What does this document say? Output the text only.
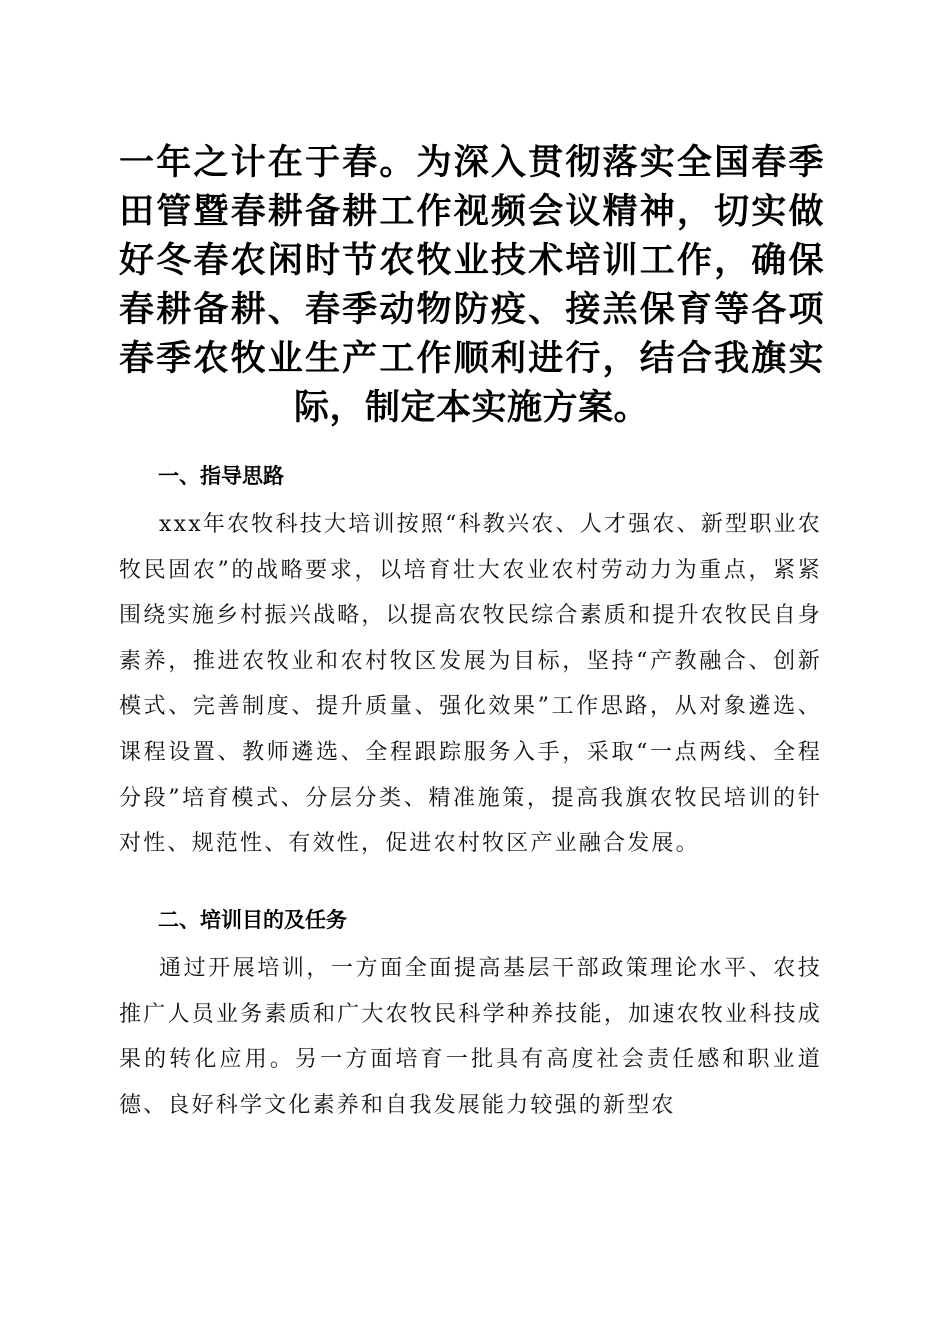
一年之计在于春。为深入贯彻落实全国春季田管暨春耕备耕工作视频会议精神，切实做好冬春农闲时节农牧业技术培训工作，确保春耕备耕、春季动物防疫、接羔保育等各项春季农牧业生产工作顺利进行，结合我旗实际，制定本实施方案。

一、指导思路

xxx年农牧科技大培训按照“科教兴农、人才强农、新型职业农牧民固农”的战略要求，以培育壮大农业农村劳动力为重点，紧紧围绕实施乡村振兴战略，以提高农牧民综合素质和提升农牧民自身素养，推进农牧业和农村牧区发展为目标，坚持“产教融合、创新模式、完善制度、提升质量、强化效果”工作思路，从对象遴选、课程设置、教师遴选、全程跟踪服务入手，采取“一点两线、全程分段”培育模式、分层分类、精准施策，提高我旗农牧民培训的针对性、规范性、有效性，促进农村牧区产业融合发展。

二、培训目的及任务

通过开展培训，一方面全面提高基层干部政策理论水平、农技推广人员业务素质和广大农牧民科学种养技能，加速农牧业科技成果的转化应用。另一方面培育一批具有高度社会责任感和职业道德、良好科学文化素养和自我发展能力较强的新型农
